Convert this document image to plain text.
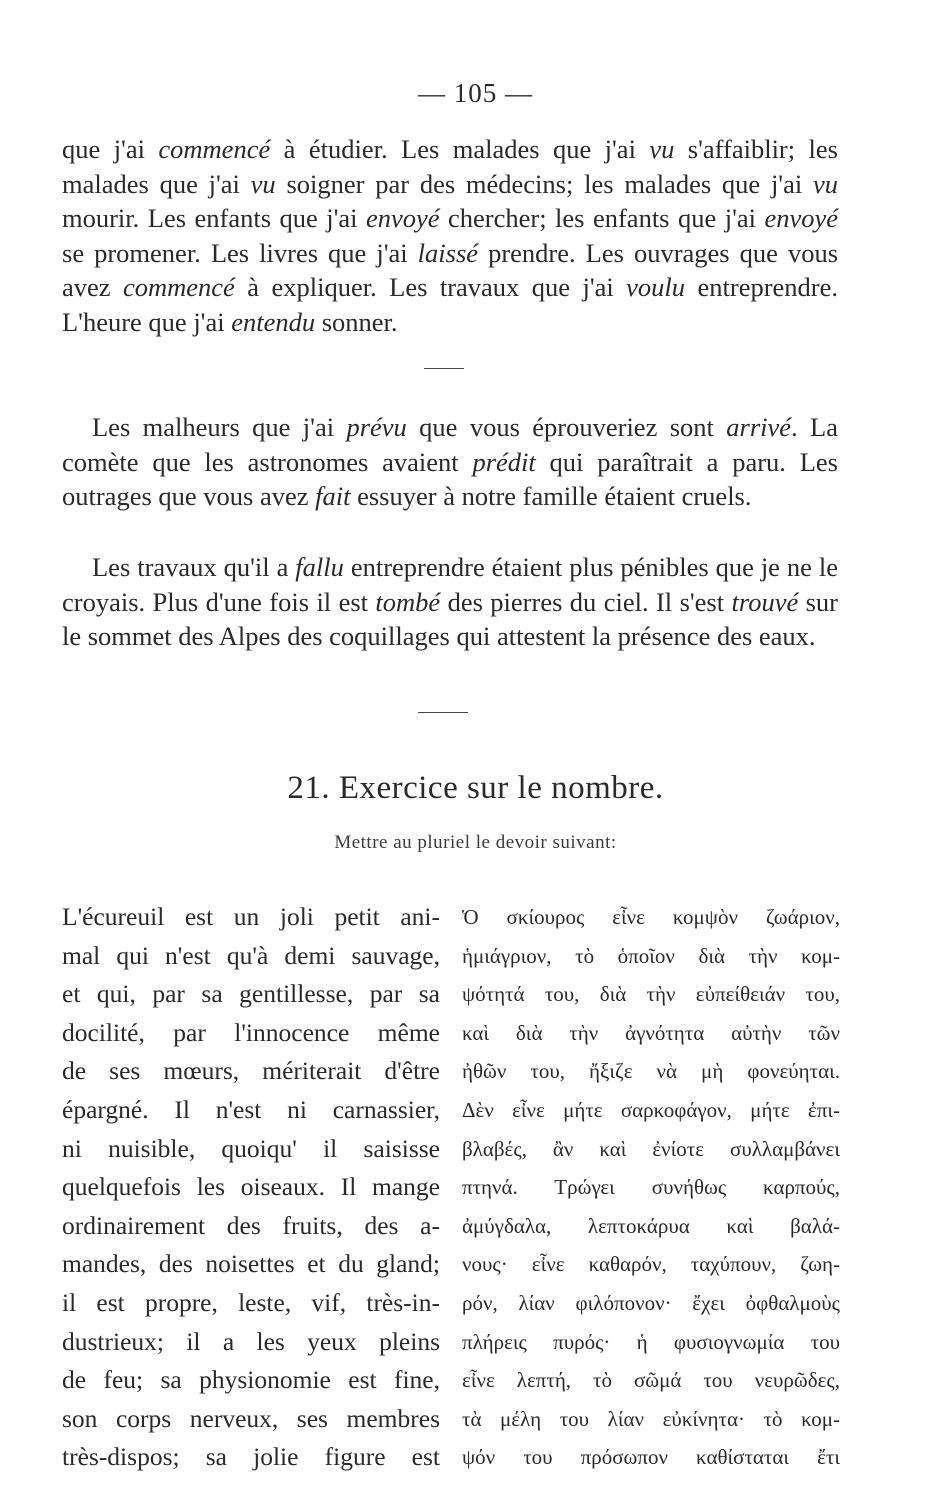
— 105 —

que j'ai commencé à étudier. Les malades que j'ai vu s'affaiblir; les malades que j'ai vu soigner par des médecins; les malades que j'ai vu mourir. Les enfants que j'ai envoyé chercher; les enfants que j'ai envoyé se promener. Les livres que j'ai laissé prendre. Les ouvrages que vous avez commencé à expliquer. Les travaux que j'ai voulu entreprendre. L'heure que j'ai entendu sonner.

Les malheurs que j'ai prévu que vous éprouveriez sont arrivé. La comète que les astronomes avaient prédit qui paraîtrait a paru. Les outrages que vous avez fait essuyer à notre famille étaient cruels.

Les travaux qu'il a fallu entreprendre étaient plus pénibles que je ne le croyais. Plus d'une fois il est tombé des pierres du ciel. Il s'est trouvé sur le sommet des Alpes des coquillages qui attestent la présence des eaux.

21. Exercice sur le nombre.
Mettre au pluriel le devoir suivant:
L'écureuil est un joli petit ani-
mal qui n'est qu'à demi sauvage,
et qui, par sa gentillesse, par sa
docilité, par l'innocence même
de ses mœurs, mériterait d'être
épargné. Il n'est ni carnassier,
ni nuisible, quoiqu' il saisisse
quelquefois les oiseaux. Il mange
ordinairement des fruits, des a-
mandes, des noisettes et du gland;
il est propre, leste, vif, très-in-
dustrieux; il a les yeux pleins
de feu; sa physionomie est fine,
son corps nerveux, ses membres
très-dispos; sa jolie figure est
Ὁ σκίουρος εἶνε κομψὸν ζωάριον,
ἡμιάγριον, τὸ ὁποῖον διὰ τὴν κομ-
ψότητά του, διὰ τὴν εὐπείθειάν του,
καὶ διὰ τὴν ἀγνότητα αὐτὴν τῶν
ἠθῶν του, ἤξιζε νὰ μὴ φονεύηται.
Δὲν εἶνε μήτε σαρκοφάγον, μήτε ἐπι-
βλαβές, ἂν καὶ ἐνίοτε συλλαμβάνει
πτηνά. Τρώγει συνήθως καρπούς,
ἀμύγδαλα, λεπτοκάρυα καὶ βαλά-
νους· εἶνε καθαρόν, ταχύπουν, ζωη-
ρόν, λίαν φιλόπονον· ἔχει ὀφθαλμοὺς
πλήρεις πυρός· ἡ φυσιογνωμία του
εἶνε λεπτή, τὸ σῶμά του νευρῶδες,
τὰ μέλη του λίαν εὐκίνητα· τὸ κομ-
ψόν του πρόσωπον καθίσταται ἔτι
